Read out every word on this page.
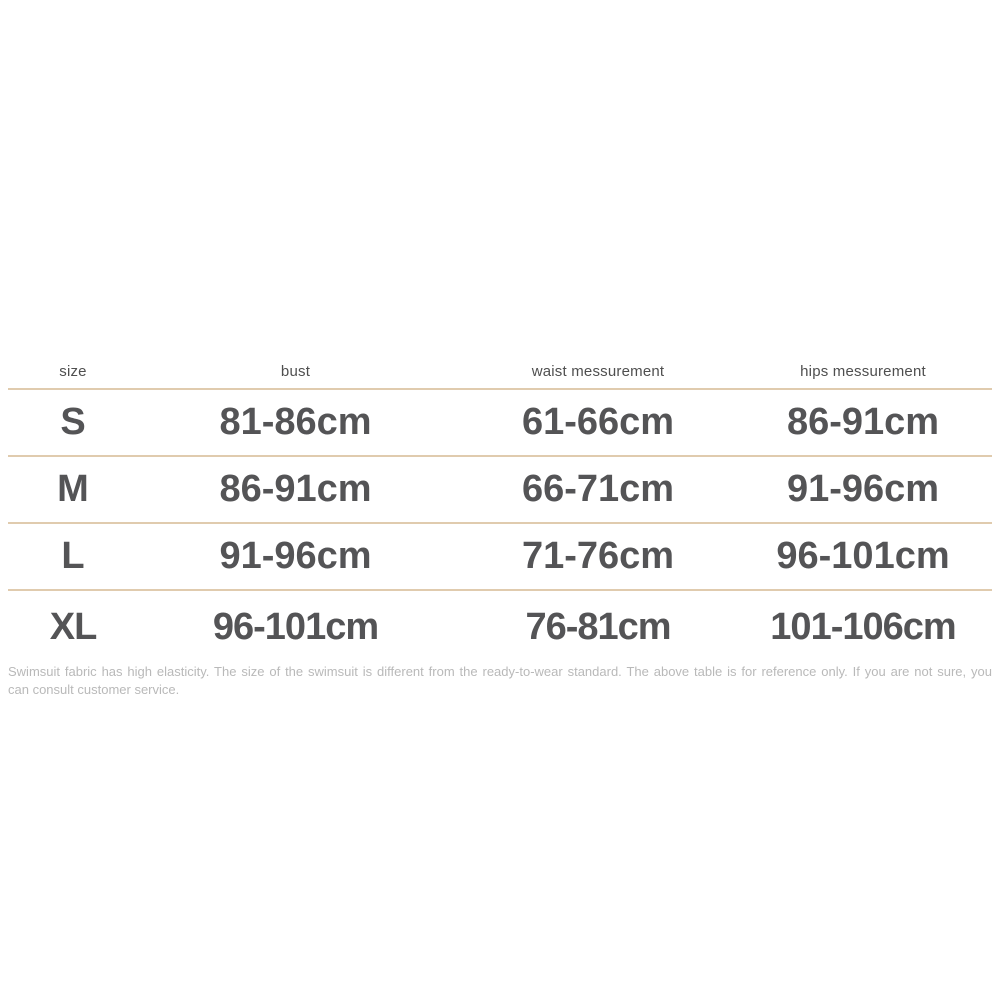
size	bust	waist messurement	hips messurement
S	81-86cm	61-66cm	86-91cm
M	86-91cm	66-71cm	91-96cm
L	91-96cm	71-76cm	96-101cm
XL	96-101cm	76-81cm	101-106cm
Swimsuit fabric has high elasticity. The size of the swimsuit is different from the ready-to-wear standard. The above table is for reference only. If you are not sure, you
can consult customer service.
